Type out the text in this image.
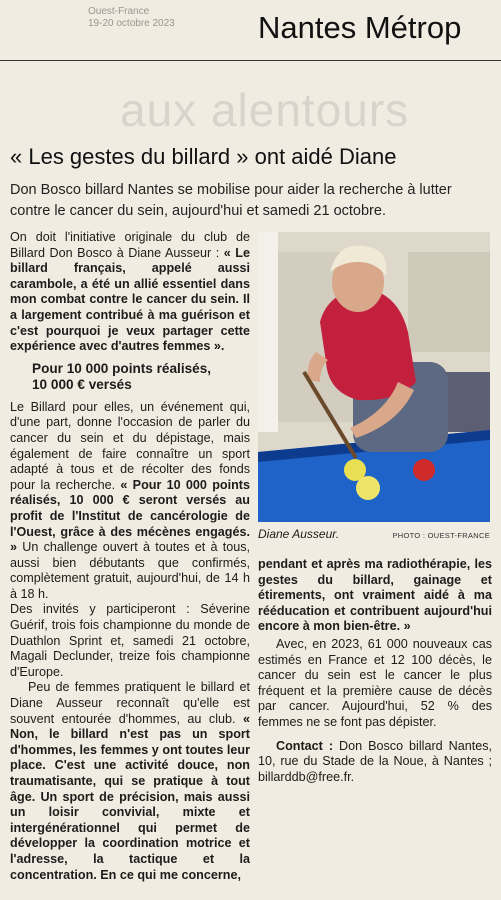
Ouest-France
19-20 octobre 2023	Nantes Métrop
aux alentours
« Les gestes du billard » ont aidé Diane
Don Bosco billard Nantes se mobilise pour aider la recherche à lutter contre le cancer du sein, aujourd'hui et samedi 21 octobre.

On doit l'initiative originale du club de Billard Don Bosco à Diane Ausseur : « Le billard français, appelé aussi carambole, a été un allié essentiel dans mon combat contre le cancer du sein. Il a largement contribué à ma guérison et c'est pourquoi je veux partager cette expérience avec d'autres femmes ».

Pour 10 000 points réalisés,
10 000 € versés

Le Billard pour elles, un événement qui, d'une part, donne l'occasion de parler du cancer du sein et du dépistage, mais également de faire connaître un sport adapté à tous et de récolter des fonds pour la recherche. « Pour 10 000 points réalisés, 10 000 € seront versés au profit de l'Institut de cancérologie de l'Ouest, grâce à des mécènes engagés. » Un challenge ouvert à toutes et à tous, aussi bien débutants que confirmés, complètement gratuit, aujourd'hui, de 14 h à 18 h.

Des invités y participeront : Séverine Guérif, trois fois championne du monde de Duathlon Sprint et, samedi 21 octobre, Magali Declunder, treize fois championne d'Europe.

Peu de femmes pratiquent le billard et Diane Ausseur reconnaît qu'elle est souvent entourée d'hommes, au club. « Non, le billard n'est pas un sport d'hommes, les femmes y ont toutes leur place. C'est une activité douce, non traumatisante, qui se pratique à tout âge. Un sport de précision, mais aussi un loisir convivial, mixte et intergénérationnel qui permet de développer la coordination motrice et l'adresse, la tactique et la concentration. En ce qui me concerne,

Diane Ausseur.	PHOTO : OUEST-FRANCE

pendant et après ma radiothérapie, les gestes du billard, gainage et étirements, ont vraiment aidé à ma rééducation et contribuent aujourd'hui encore à mon bien-être. »

Avec, en 2023, 61 000 nouveaux cas estimés en France et 12 100 décès, le cancer du sein est le cancer le plus fréquent et la première cause de décès par cancer. Aujourd'hui, 52 % des femmes ne se font pas dépister.

Contact : Don Bosco billard Nantes, 10, rue du Stade de la Noue, à Nantes ; billarddb@free.fr.
